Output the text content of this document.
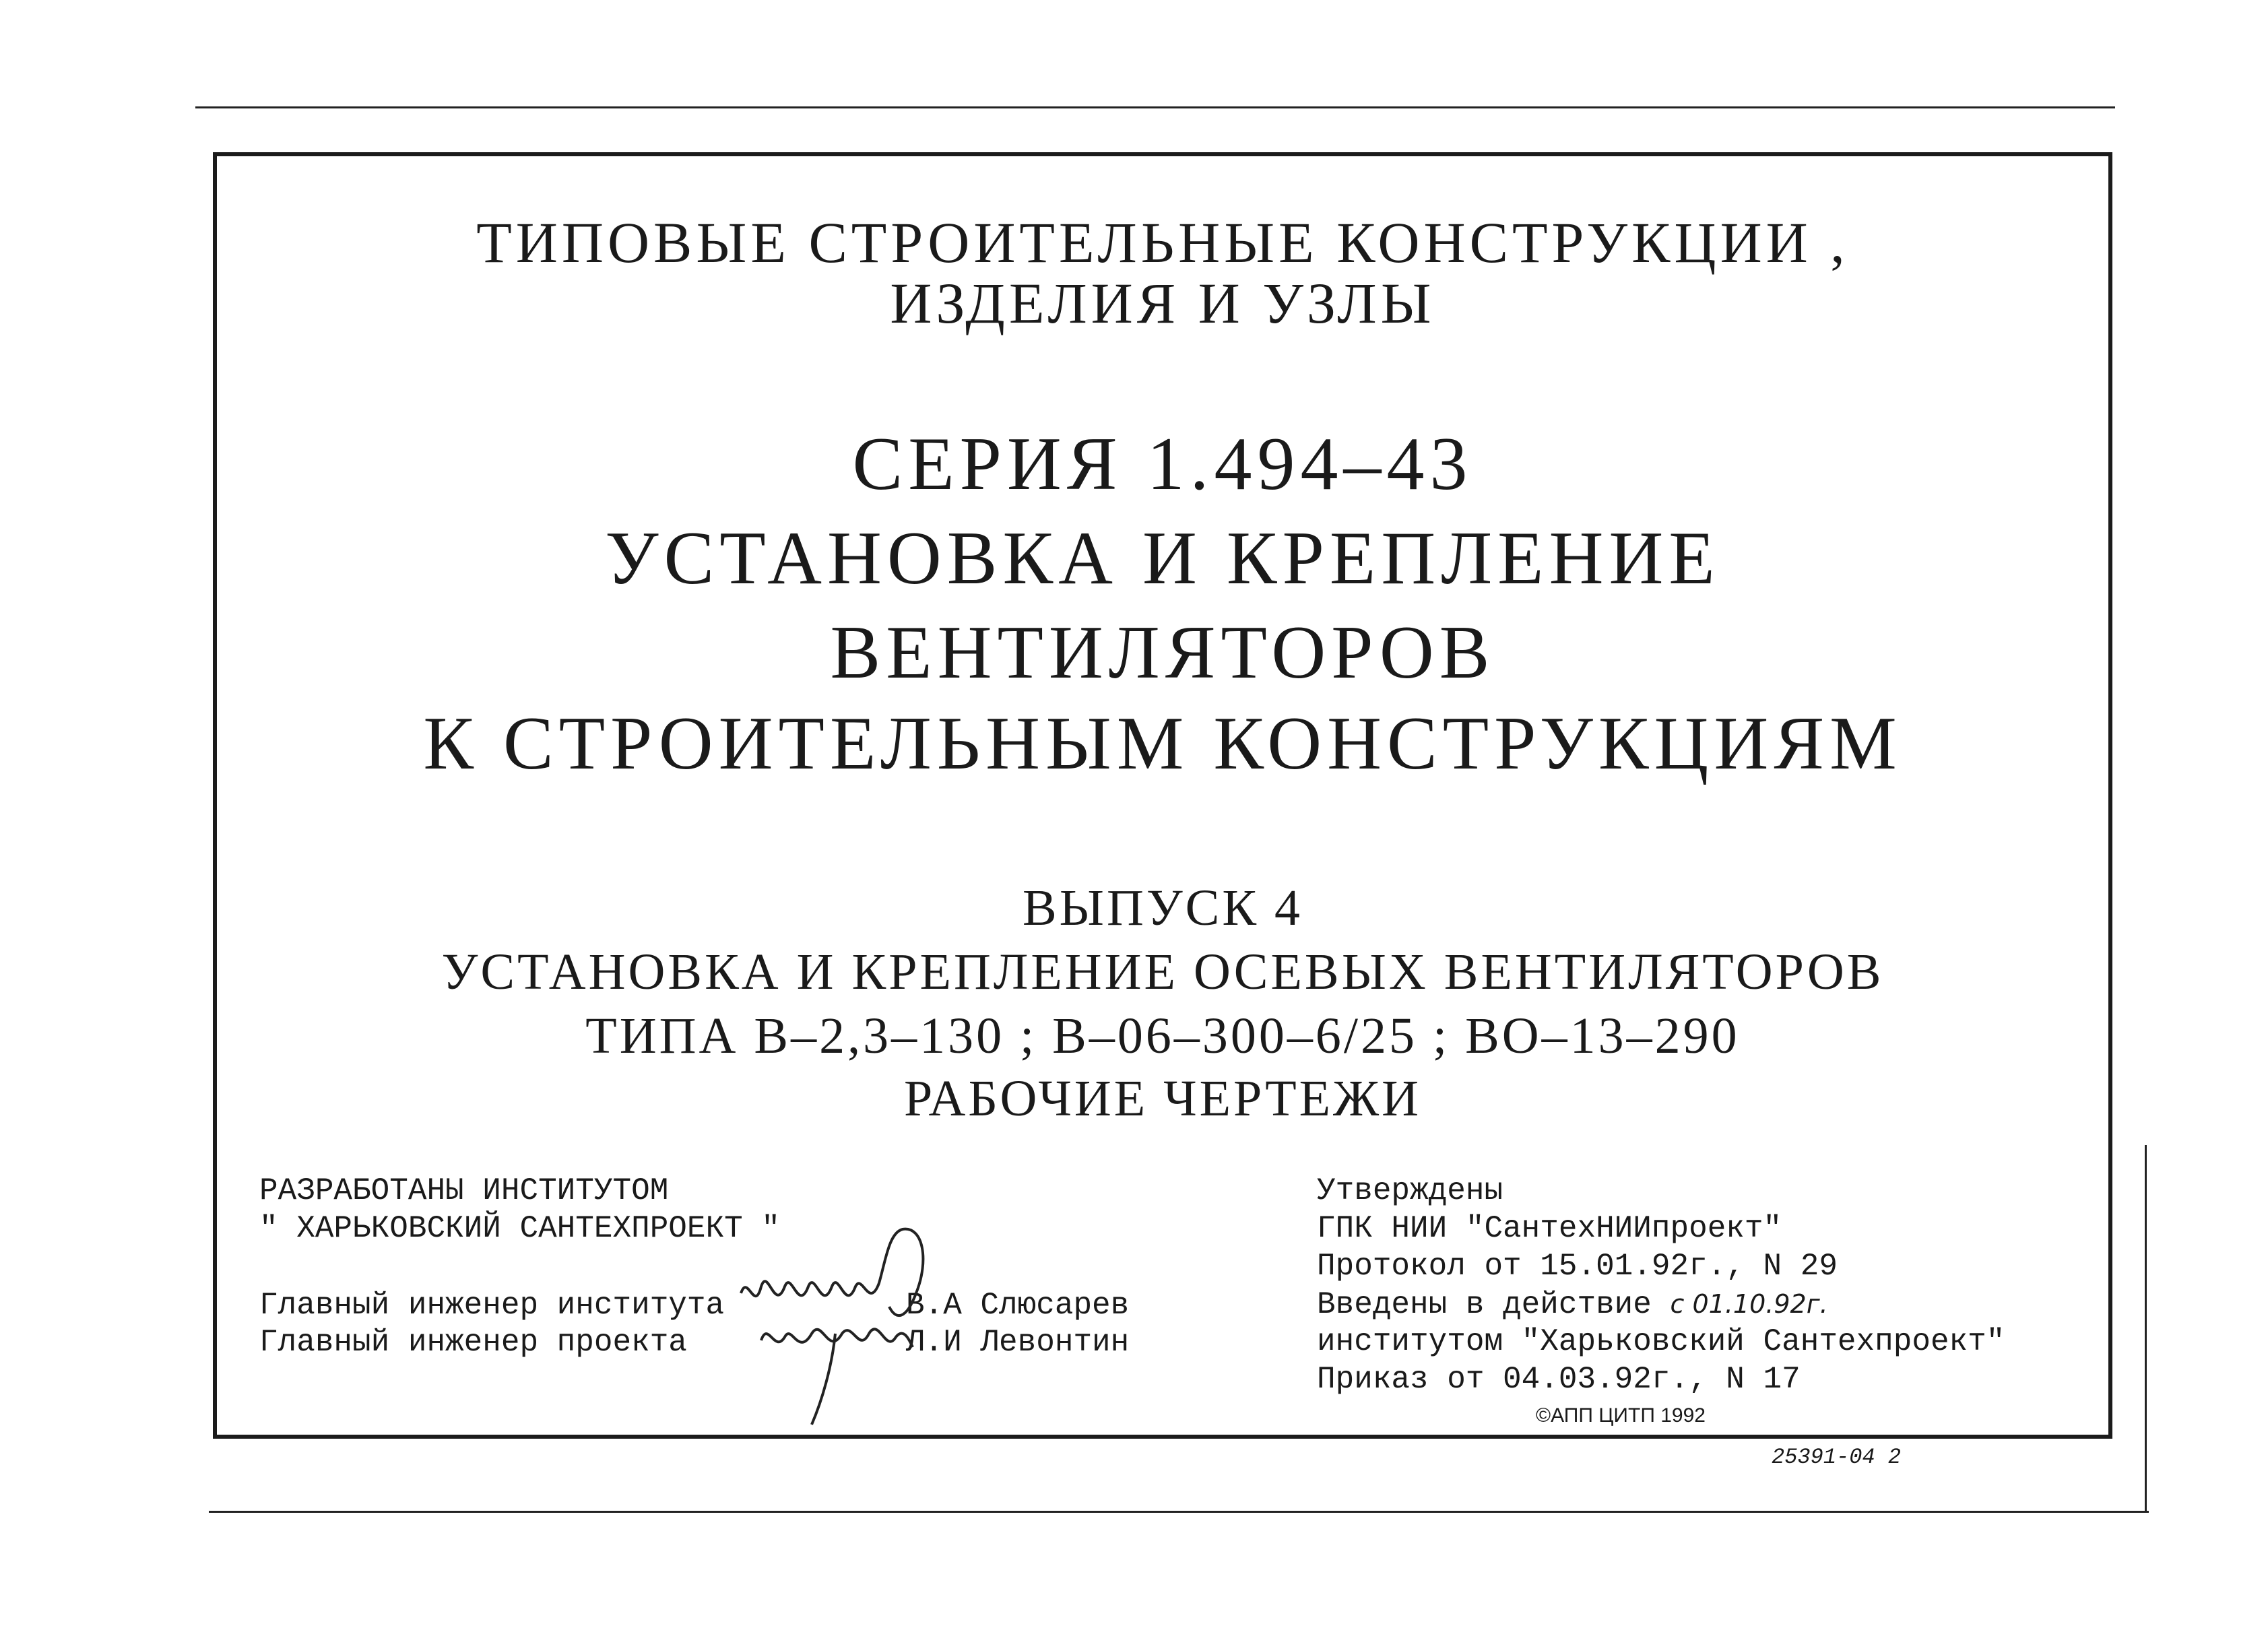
ТИПОВЫЕ СТРОИТЕЛЬНЫЕ КОНСТРУКЦИИ ,
ИЗДЕЛИЯ И УЗЛЫ
СЕРИЯ 1.494–43
УСТАНОВКА И КРЕПЛЕНИЕ
ВЕНТИЛЯТОРОВ
К СТРОИТЕЛЬНЫМ КОНСТРУКЦИЯМ
ВЫПУСК 4
УСТАНОВКА И КРЕПЛЕНИЕ ОСЕВЫХ ВЕНТИЛЯТОРОВ
ТИПА В–2,3–130 ; В–06–300–6/25 ; ВО–13–290
РАБОЧИЕ ЧЕРТЕЖИ
РАЗРАБОТАНЫ ИНСТИТУТОМ
" ХАРЬКОВСКИЙ САНТЕХПРОЕКТ "
Главный инженер института	В.А Слюсарев
Главный инженер проекта	Л.И Левонтин
Утверждены
ГПК НИИ "СантехНИИпроект"
Протокол от 15.01.92г., N 29
Введены в действие с 01.10.92г.
институтом "Харьковский Сантехпроект"
Приказ от 04.03.92г., N 17
©АПП ЦИТП 1992
25391-04 2
